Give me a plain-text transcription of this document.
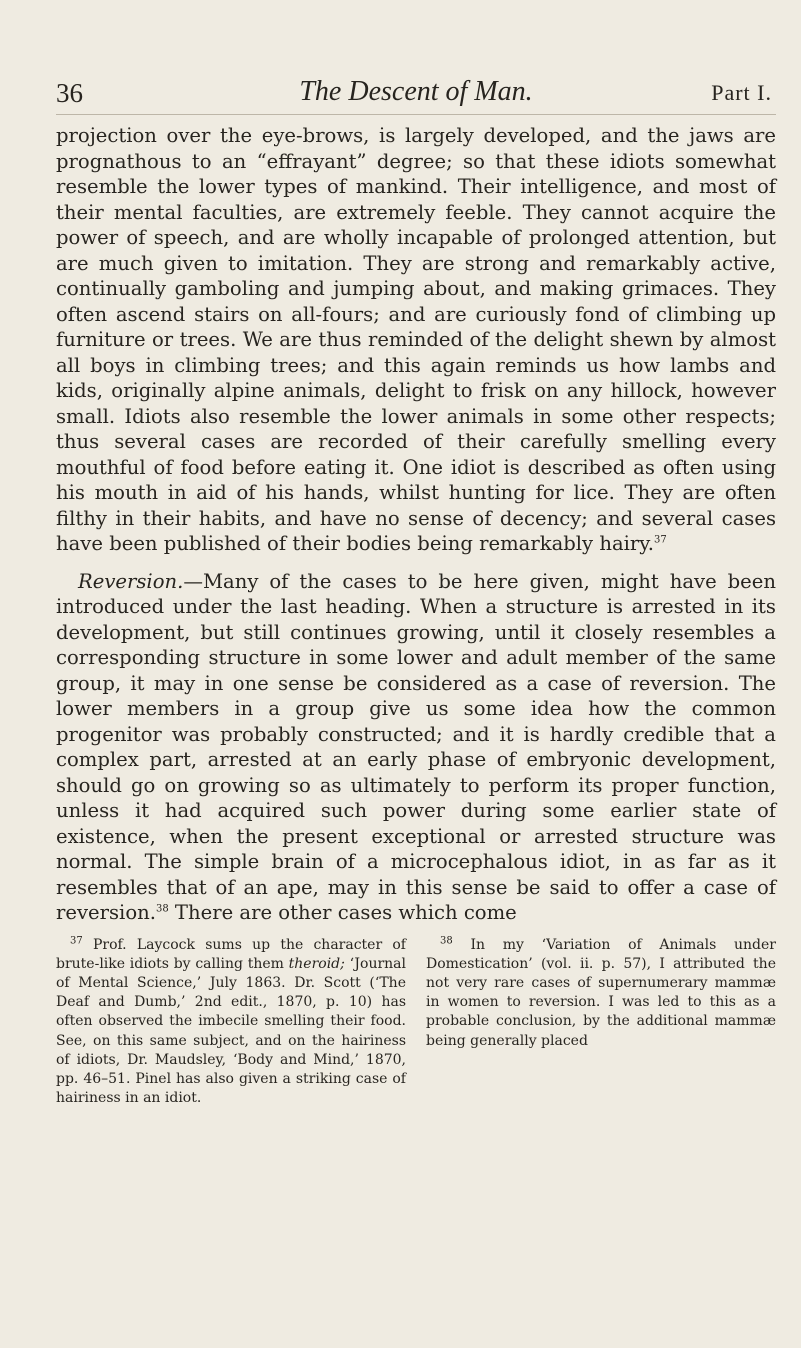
36	The Descent of Man.	Part I.

projection over the eye-brows, is largely developed, and the jaws are prognathous to an “effrayant” degree; so that these idiots somewhat resemble the lower types of mankind. Their intelligence, and most of their mental faculties, are extremely feeble. They cannot acquire the power of speech, and are wholly incapable of prolonged attention, but are much given to imitation. They are strong and remarkably active, continually gamboling and jumping about, and making grimaces. They often ascend stairs on all-fours; and are curiously fond of climbing up furniture or trees. We are thus reminded of the delight shewn by almost all boys in climbing trees; and this again reminds us how lambs and kids, originally alpine animals, delight to frisk on any hillock, however small. Idiots also resemble the lower animals in some other respects; thus several cases are recorded of their carefully smelling every mouthful of food before eating it. One idiot is described as often using his mouth in aid of his hands, whilst hunting for lice. They are often filthy in their habits, and have no sense of decency; and several cases have been published of their bodies being remarkably hairy.$^{37}$

Reversion.—Many of the cases to be here given, might have been introduced under the last heading. When a structure is arrested in its development, but still continues growing, until it closely resembles a corresponding structure in some lower and adult member of the same group, it may in one sense be considered as a case of reversion. The lower members in a group give us some idea how the common progenitor was probably constructed; and it is hardly credible that a complex part, arrested at an early phase of embryonic development, should go on growing so as ultimately to perform its proper function, unless it had acquired such power during some earlier state of existence, when the present exceptional or arrested structure was normal. The simple brain of a microcephalous idiot, in as far as it resembles that of an ape, may in this sense be said to offer a case of reversion.$^{38}$ There are other cases which come

$^{37}$ Prof. Laycock sums up the character of brute-like idiots by calling them theroid; ‘Journal of Mental Science,’ July 1863. Dr. Scott (‘The Deaf and Dumb,’ 2nd edit., 1870, p. 10) has often observed the imbecile smelling their food. See, on this same subject, and on the hairiness of idiots, Dr. Maudsley, ‘Body and Mind,’ 1870, pp. 46–51. Pinel has also given a striking case of hairiness in an idiot.

$^{38}$ In my ‘Variation of Animals under Domestication’ (vol. ii. p. 57), I attributed the not very rare cases of supernumerary mammæ in women to reversion. I was led to this as a probable conclusion, by the additional mammæ being generally placed
